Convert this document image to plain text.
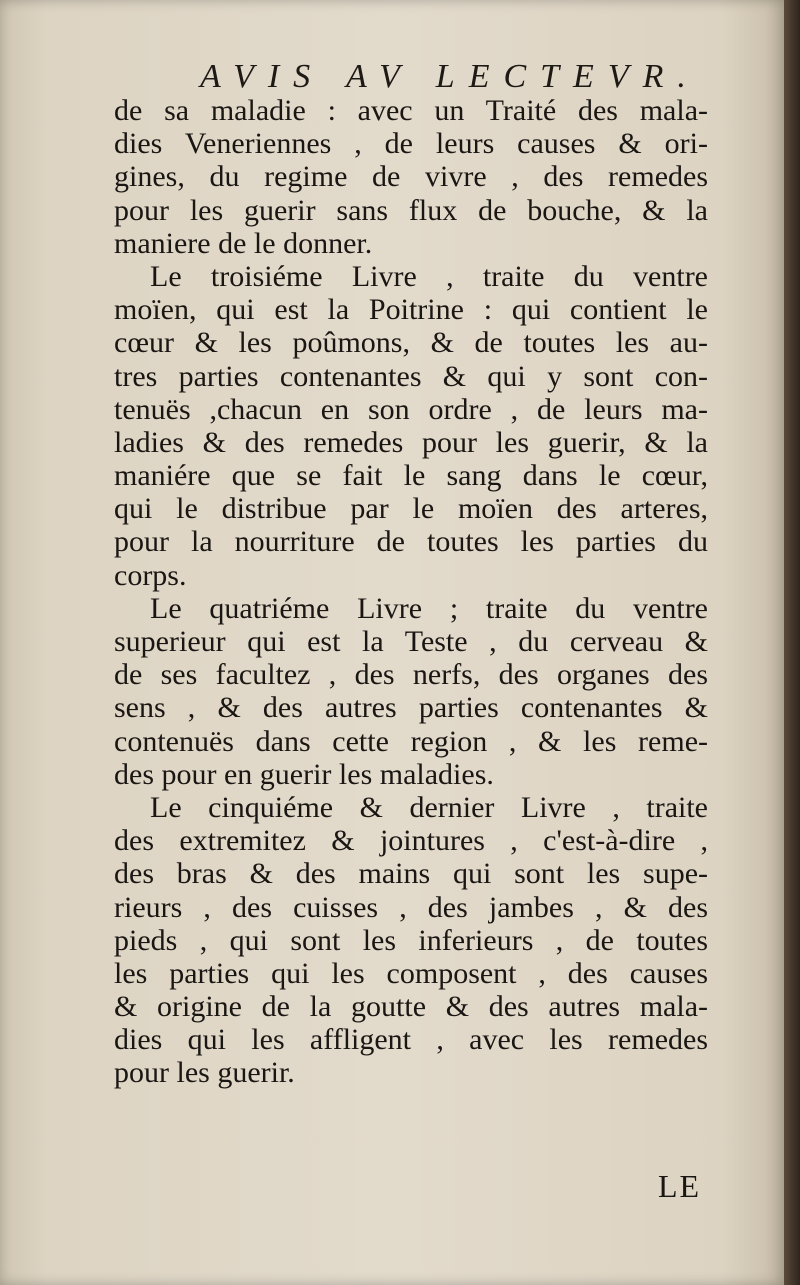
AVIS AV LECTEVR.
de sa maladie : avec un Traité des mala-
dies Veneriennes , de leurs causes & ori-
gines, du regime de vivre , des remedes
pour les guerir sans flux de bouche, & la
maniere de le donner.
Le troisiéme Livre , traite du ventre
moïen, qui est la Poitrine : qui contient le
cœur & les poûmons, & de toutes les au-
tres parties contenantes & qui y sont con-
tenuës ,chacun en son ordre , de leurs ma-
ladies & des remedes pour les guerir, & la
maniére que se fait le sang dans le cœur,
qui le distribue par le moïen des arteres,
pour la nourriture de toutes les parties du
corps.
Le quatriéme Livre ; traite du ventre
superieur qui est la Teste , du cerveau &
de ses facultez , des nerfs, des organes des
sens , & des autres parties contenantes &
contenuës dans cette region , & les reme-
des pour en guerir les maladies.
Le cinquiéme & dernier Livre , traite
des extremitez & jointures , c'est-à-dire ,
des bras & des mains qui sont les supe-
rieurs , des cuisses , des jambes , & des
pieds , qui sont les inferieurs , de toutes
les parties qui les composent , des causes
& origine de la goutte & des autres mala-
dies qui les affligent , avec les remedes
pour les guerir.
LE
